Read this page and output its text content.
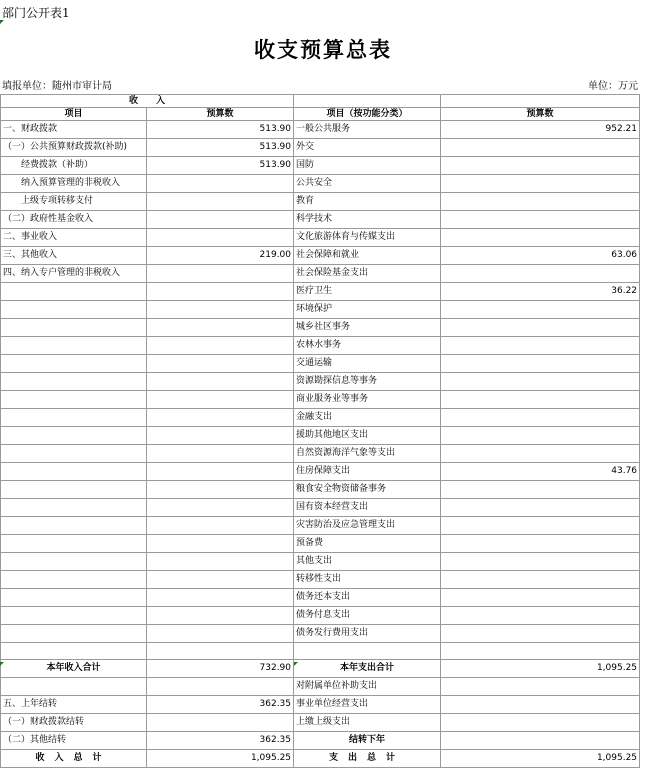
部门公开表1
收支预算总表
填报单位：随州市审计局	单位：万元
收　　入			
项目	预算数	项目（按功能分类）	预算数
一、财政拨款	513.90	一般公共服务	952.21
（一）公共预算财政拨款(补助)	513.90	外交	
　　经费拨款（补助）	513.90	国防	
　　纳入预算管理的非税收入		公共安全	
　　上级专项转移支付		教育	
（二）政府性基金收入		科学技术	
二、事业收入		文化旅游体育与传媒支出	
三、其他收入	219.00	社会保障和就业	63.06
四、纳入专户管理的非税收入		社会保险基金支出	
		医疗卫生	36.22
		环境保护	
		城乡社区事务	
		农林水事务	
		交通运输	
		资源勘探信息等事务	
		商业服务业等事务	
		金融支出	
		援助其他地区支出	
		自然资源海洋气象等支出	
		住房保障支出	43.76
		粮食安全物资储备事务	
		国有资本经营支出	
		灾害防治及应急管理支出	
		预备费	
		其他支出	
		转移性支出	
		债务还本支出	
		债务付息支出	
		债务发行费用支出	

本年收入合计	732.90	本年支出合计	1,095.25
		对附属单位补助支出	
五、上年结转	362.35	事业单位经营支出	
（一）财政拨款结转		上缴上级支出	
（二）其他结转	362.35	结转下年	
收入总计	1,095.25	支出总计	1,095.25
